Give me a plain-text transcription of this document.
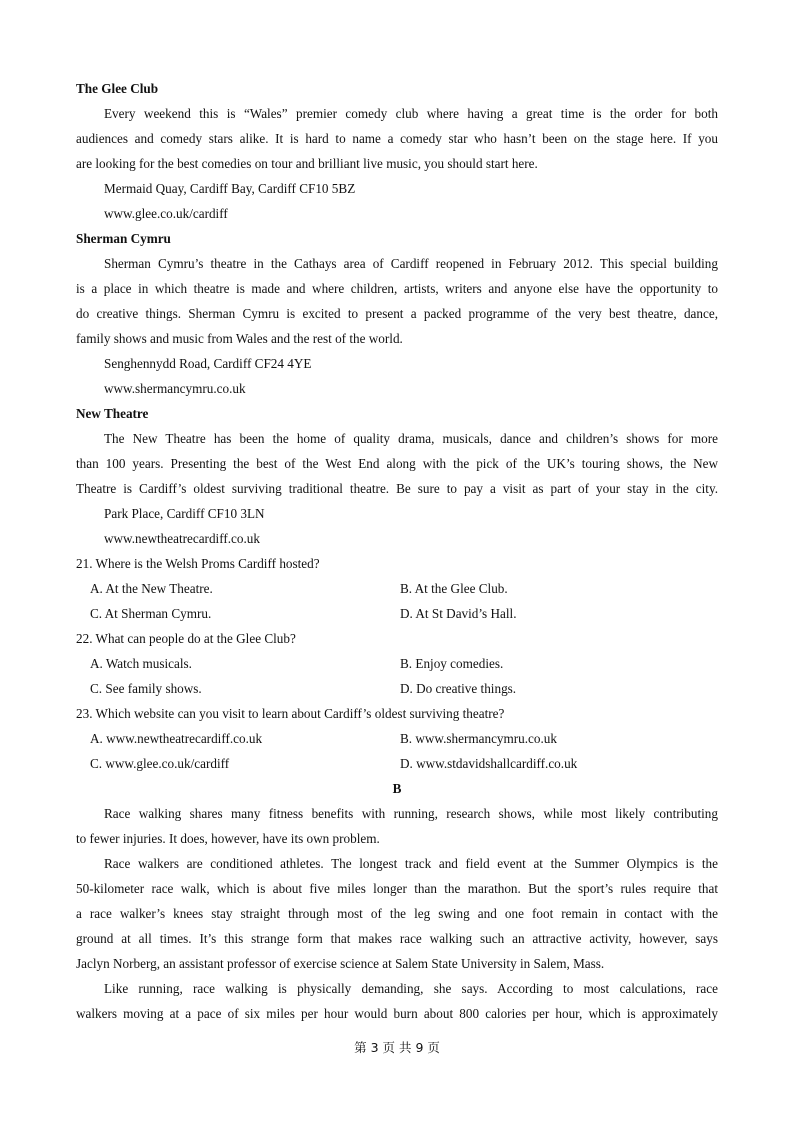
The Glee Club
Every weekend this is “Wales” premier comedy club where having a great time is the order for both
audiences and comedy stars alike. It is hard to name a comedy star who hasn’t been on the stage here. If you
are looking for the best comedies on tour and brilliant live music, you should start here.
Mermaid Quay, Cardiff Bay, Cardiff CF10 5BZ
www.glee.co.uk/cardiff
Sherman Cymru
Sherman Cymru’s theatre in the Cathays area of Cardiff reopened in February 2012. This special building
is a place in which theatre is made and where children, artists, writers and anyone else have the opportunity to
do creative things. Sherman Cymru is excited to present a packed programme of the very best theatre, dance,
family shows and music from Wales and the rest of the world.
Senghennydd Road, Cardiff CF24 4YE
www.shermancymru.co.uk
New Theatre
The New Theatre has been the home of quality drama, musicals, dance and children’s shows for more
than 100 years. Presenting the best of the West End along with the pick of the UK’s touring shows, the New
Theatre is Cardiff’s oldest surviving traditional theatre. Be sure to pay a visit as part of your stay in the city.
Park Place, Cardiff CF10 3LN
www.newtheatrecardiff.co.uk
21. Where is the Welsh Proms Cardiff hosted?
A. At the New Theatre.	B. At the Glee Club.
C. At Sherman Cymru.	D. At St David’s Hall.
22. What can people do at the Glee Club?
A. Watch musicals.	B. Enjoy comedies.
C. See family shows.	D. Do creative things.
23. Which website can you visit to learn about Cardiff’s oldest surviving theatre?
A. www.newtheatrecardiff.co.uk	B. www.shermancymru.co.uk
C. www.glee.co.uk/cardiff	D. www.stdavidshallcardiff.co.uk
B
Race walking shares many fitness benefits with running, research shows, while most likely contributing
to fewer injuries. It does, however, have its own problem.
Race walkers are conditioned athletes. The longest track and field event at the Summer Olympics is the
50-kilometer race walk, which is about five miles longer than the marathon. But the sport’s rules require that
a race walker’s knees stay straight through most of the leg swing and one foot remain in contact with the
ground at all times. It’s this strange form that makes race walking such an attractive activity, however, says
Jaclyn Norberg, an assistant professor of exercise science at Salem State University in Salem, Mass.
Like running, race walking is physically demanding, she says. According to most calculations, race
walkers moving at a pace of six miles per hour would burn about 800 calories per hour, which is approximately
第 3 页 共 9 页
